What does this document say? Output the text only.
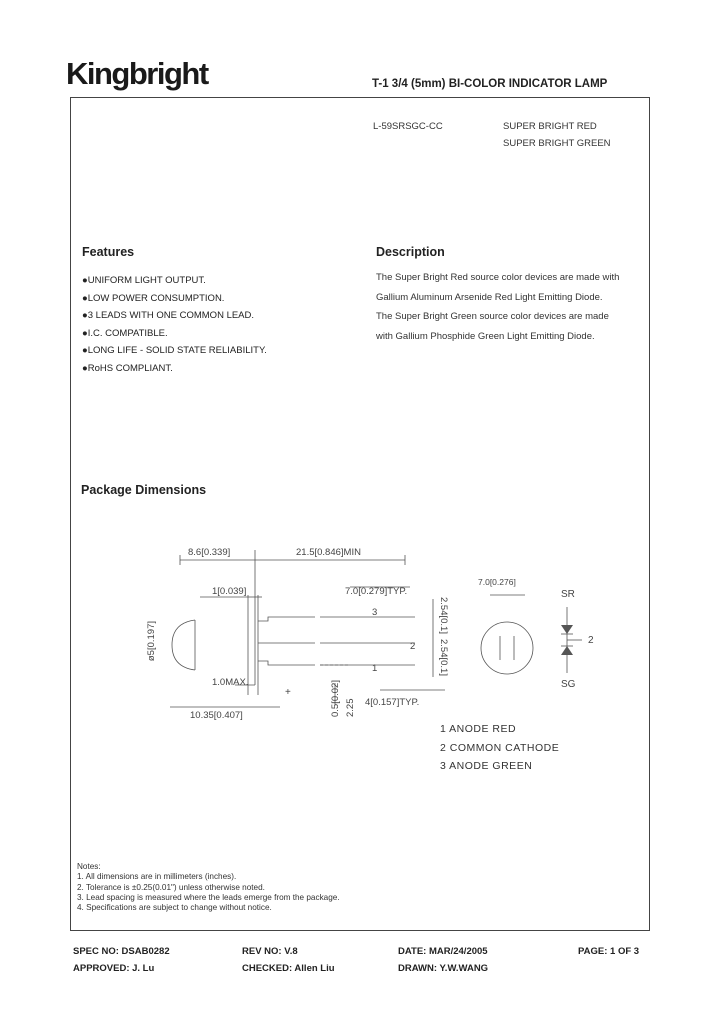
Kingbright	T-1 3/4 (5mm) BI-COLOR INDICATOR LAMP
L-59SRSGC-CC	SUPER BRIGHT RED
SUPER BRIGHT GREEN
Features
●UNIFORM LIGHT OUTPUT.
●LOW POWER CONSUMPTION.
●3 LEADS WITH ONE COMMON LEAD.
●I.C. COMPATIBLE.
●LONG LIFE - SOLID STATE RELIABILITY.
●RoHS COMPLIANT.
Description
The Super Bright Red source color devices are made with
Gallium Aluminum Arsenide Red Light Emitting Diode.
The Super Bright Green source color devices are made
with Gallium Phosphide Green Light Emitting Diode.
Package Dimensions
8.6[0.339]	21.5[0.846]MIN
1[0.039]	7.0[0.279]TYP.
7.0[0.276]
ø5[0.197]
2.54[0.1]
2.54[0.1]
1.0MAX.	0.5[0.02] 2.25 4[0.157]TYP.
10.35[0.407]
3
2
1
+
SR
SG
2
1 ANODE RED
2 COMMON CATHODE
3 ANODE GREEN
Notes:
1. All dimensions are in millimeters (inches).
2. Tolerance is ±0.25(0.01") unless otherwise noted.
3. Lead spacing is measured where the leads emerge from the package.
4. Specifications are subject to change without notice.
SPEC NO: DSAB0282	REV NO: V.8	DATE: MAR/24/2005	PAGE: 1 OF 3
APPROVED: J. Lu	CHECKED: Allen Liu	DRAWN: Y.W.WANG
